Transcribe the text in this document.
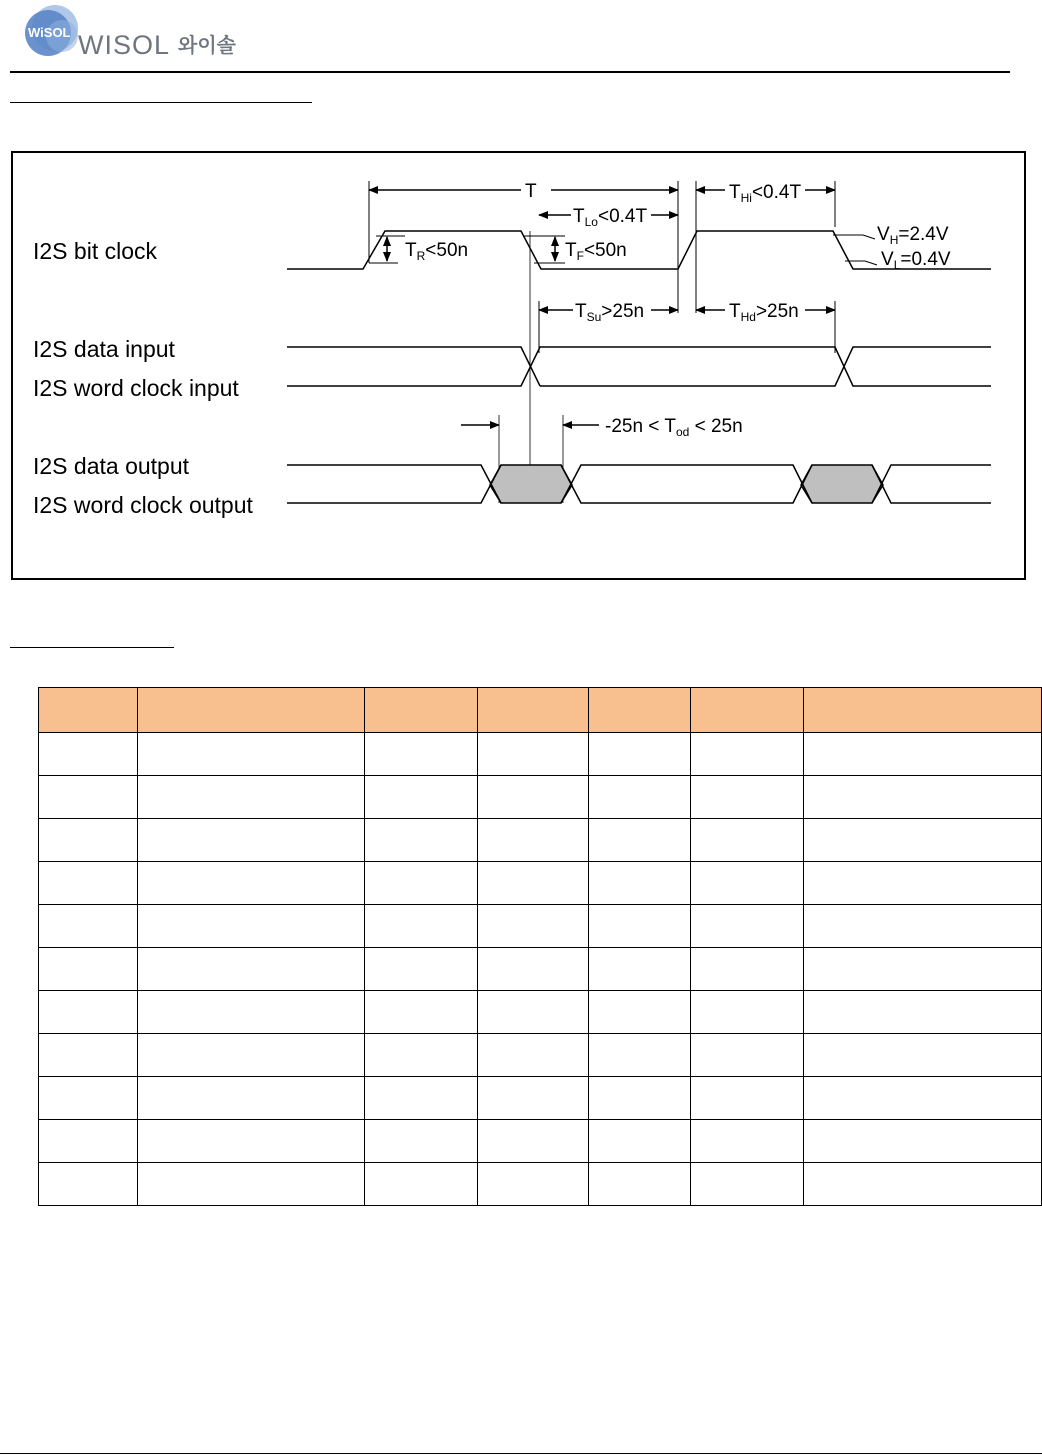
WiSOL WISOL 와이솔
I2S bit clock
I2S data input
I2S word clock input
I2S data output
I2S word clock output
T
$T_{Lo}<0.4T$
$T_{Hi}<0.4T$
$T_R<50n$	$T_F<50n$
$V_H=2.4V$
$V_L=0.4V$
$T_{Su}>25n$	$T_{Hd}>25n$
$-25n < T_{od} < 25n$
